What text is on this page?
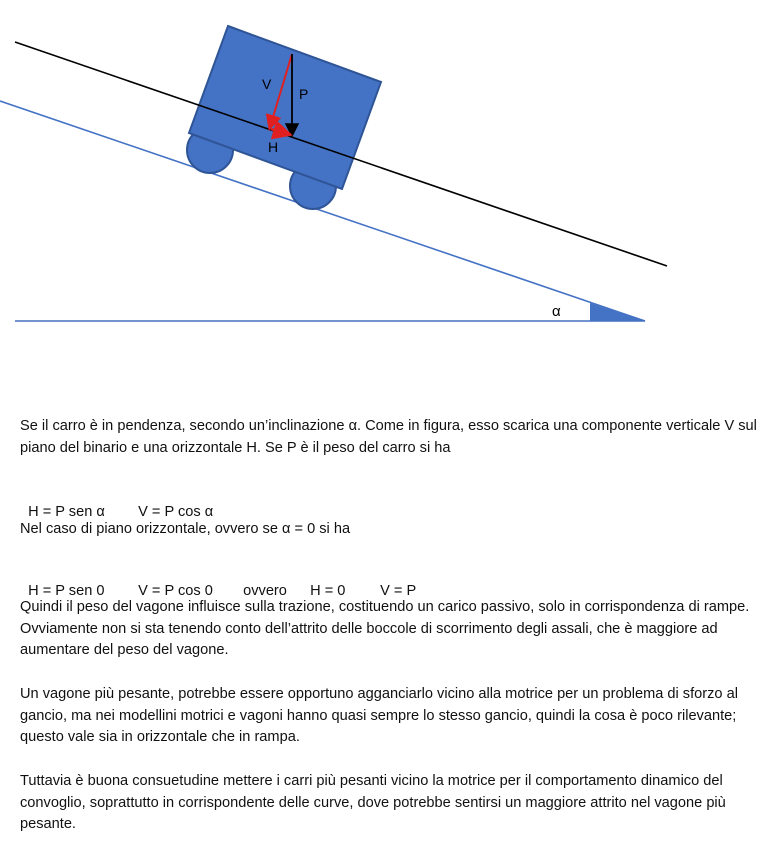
V
P
H
α

Se il carro è in pendenza, secondo un’inclinazione α. Come in figura, esso scarica una componente verticale V sul piano del binario e una orizzontale H. Se P è il peso del carro si ha

H = P sen α V = P cos α

Nel caso di piano orizzontale, ovvero se α = 0 si ha

H = P sen 0 V = P cos 0 ovvero H = 0 V = P

Quindi il peso del vagone influisce sulla trazione, costituendo un carico passivo, solo in corrispondenza di rampe. Ovviamente non si sta tenendo conto dell’attrito delle boccole di scorrimento degli assali, che è maggiore ad aumentare del peso del vagone.

Un vagone più pesante, potrebbe essere opportuno agganciarlo vicino alla motrice per un problema di sforzo al gancio, ma nei modellini motrici e vagoni hanno quasi sempre lo stesso gancio, quindi la cosa è poco rilevante; questo vale sia in orizzontale che in rampa.

Tuttavia è buona consuetudine mettere i carri più pesanti vicino la motrice per il comportamento dinamico del convoglio, soprattutto in corrispondente delle curve, dove potrebbe sentirsi un maggiore attrito nel vagone più pesante.
